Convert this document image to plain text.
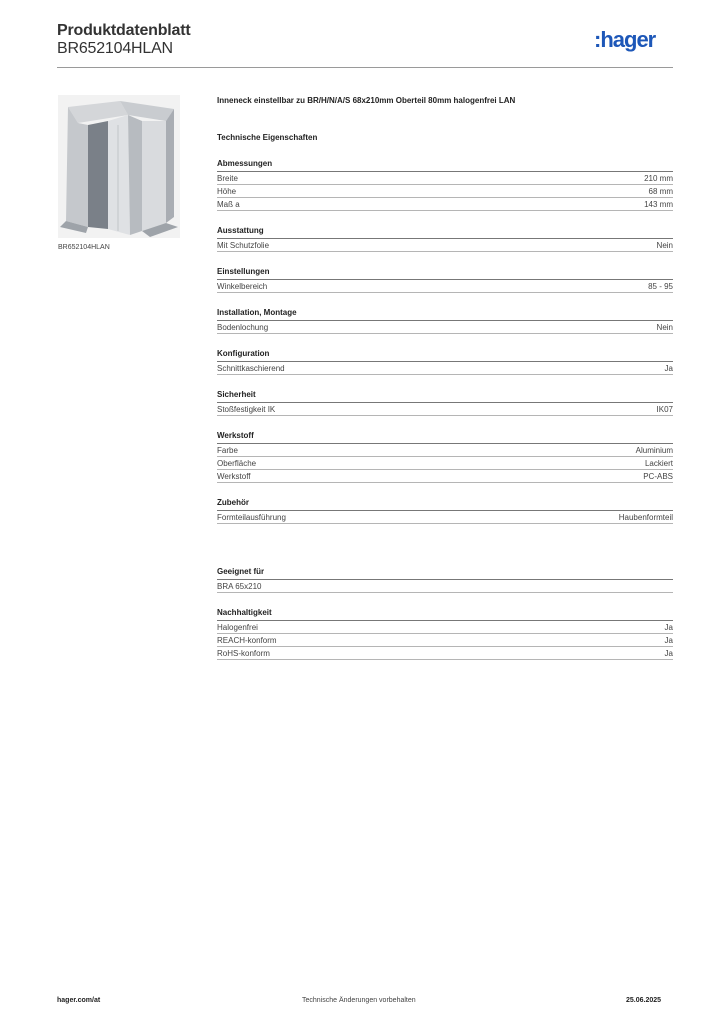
Produktdatenblatt
BR652104HLAN	:hager
BR652104HLAN
Inneneck einstellbar zu BR/H/N/A/S 68x210mm Oberteil 80mm halogenfrei LAN
Technische Eigenschaften
Abmessungen
Breite	210 mm
Höhe	68 mm
Maß a	143 mm
Ausstattung
Mit Schutzfolie	Nein
Einstellungen
Winkelbereich	85 - 95
Installation, Montage
Bodenlochung	Nein
Konfiguration
Schnittkaschierend	Ja
Sicherheit
Stoßfestigkeit IK	IK07
Werkstoff
Farbe	Aluminium
Oberfläche	Lackiert
Werkstoff	PC-ABS
Zubehör
Formteilausführung	Haubenformteil
Geeignet für
BRA 65x210
Nachhaltigkeit
Halogenfrei	Ja
REACH-konform	Ja
RoHS-konform	Ja
hager.com/at	Technische Änderungen vorbehalten	25.06.2025
